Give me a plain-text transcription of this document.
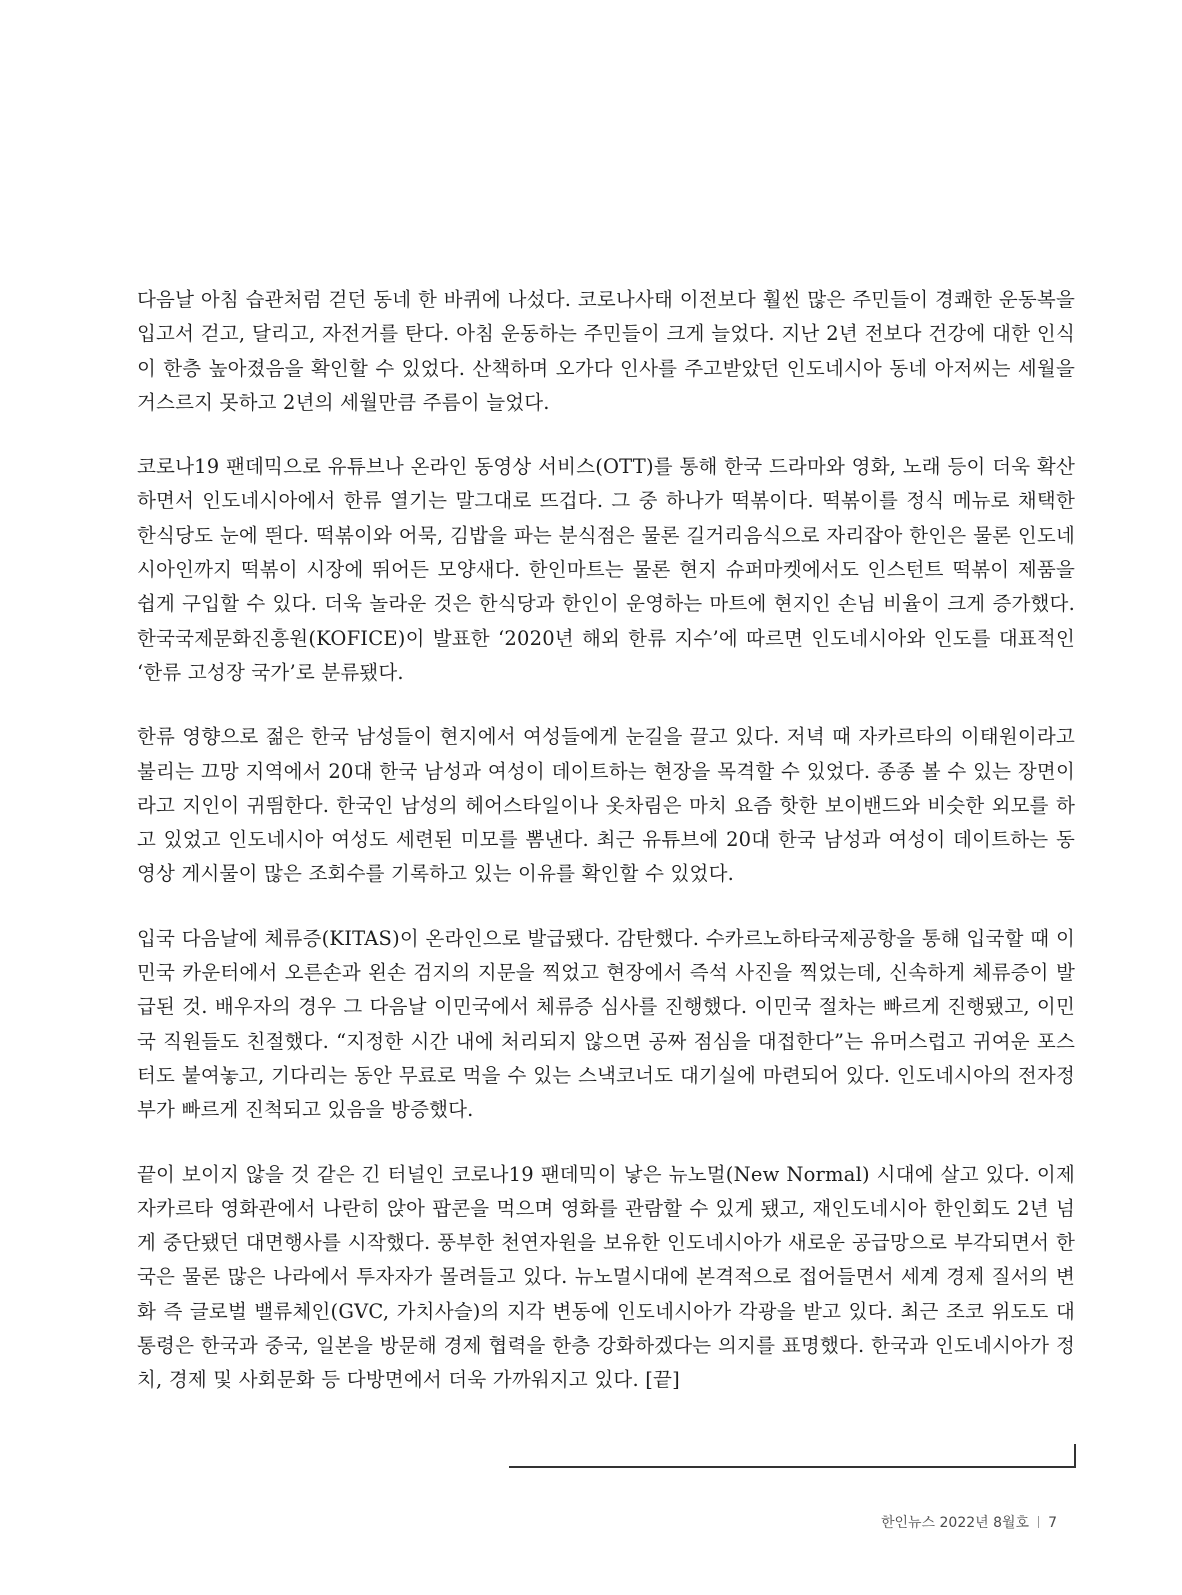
다음날 아침 습관처럼 걷던 동네 한 바퀴에 나섰다. 코로나사태 이전보다 훨씬 많은 주민들이 경쾌한 운동복을 입고서 걷고, 달리고, 자전거를 탄다. 아침 운동하는 주민들이 크게 늘었다. 지난 2년 전보다 건강에 대한 인식이 한층 높아졌음을 확인할 수 있었다. 산책하며 오가다 인사를 주고받았던 인도네시아 동네 아저씨는 세월을 거스르지 못하고 2년의 세월만큼 주름이 늘었다.

코로나19 팬데믹으로 유튜브나 온라인 동영상 서비스(OTT)를 통해 한국 드라마와 영화, 노래 등이 더욱 확산하면서 인도네시아에서 한류 열기는 말그대로 뜨겁다. 그 중 하나가 떡볶이다. 떡볶이를 정식 메뉴로 채택한 한식당도 눈에 띈다. 떡볶이와 어묵, 김밥을 파는 분식점은 물론 길거리음식으로 자리잡아 한인은 물론 인도네시아인까지 떡볶이 시장에 뛰어든 모양새다. 한인마트는 물론 현지 슈퍼마켓에서도 인스턴트 떡볶이 제품을 쉽게 구입할 수 있다. 더욱 놀라운 것은 한식당과 한인이 운영하는 마트에 현지인 손님 비율이 크게 증가했다. 한국국제문화진흥원(KOFICE)이 발표한 ‘2020년 해외 한류 지수’에 따르면 인도네시아와 인도를 대표적인 ‘한류 고성장 국가’로 분류됐다.

한류 영향으로 젊은 한국 남성들이 현지에서 여성들에게 눈길을 끌고 있다. 저녁 때 자카르타의 이태원이라고 불리는 끄망 지역에서 20대 한국 남성과 여성이 데이트하는 현장을 목격할 수 있었다. 종종 볼 수 있는 장면이라고 지인이 귀띔한다. 한국인 남성의 헤어스타일이나 옷차림은 마치 요즘 핫한 보이밴드와 비슷한 외모를 하고 있었고 인도네시아 여성도 세련된 미모를 뽐낸다. 최근 유튜브에 20대 한국 남성과 여성이 데이트하는 동영상 게시물이 많은 조회수를 기록하고 있는 이유를 확인할 수 있었다.

입국 다음날에 체류증(KITAS)이 온라인으로 발급됐다. 감탄했다. 수카르노하타국제공항을 통해 입국할 때 이민국 카운터에서 오른손과 왼손 검지의 지문을 찍었고 현장에서 즉석 사진을 찍었는데, 신속하게 체류증이 발급된 것. 배우자의 경우 그 다음날 이민국에서 체류증 심사를 진행했다. 이민국 절차는 빠르게 진행됐고, 이민국 직원들도 친절했다. “지정한 시간 내에 처리되지 않으면 공짜 점심을 대접한다”는 유머스럽고 귀여운 포스터도 붙여놓고, 기다리는 동안 무료로 먹을 수 있는 스낵코너도 대기실에 마련되어 있다. 인도네시아의 전자정부가 빠르게 진척되고 있음을 방증했다.

끝이 보이지 않을 것 같은 긴 터널인 코로나19 팬데믹이 낳은 뉴노멀(New Normal) 시대에 살고 있다. 이제 자카르타 영화관에서 나란히 앉아 팝콘을 먹으며 영화를 관람할 수 있게 됐고, 재인도네시아 한인회도 2년 넘게 중단됐던 대면행사를 시작했다. 풍부한 천연자원을 보유한 인도네시아가 새로운 공급망으로 부각되면서 한국은 물론 많은 나라에서 투자자가 몰려들고 있다. 뉴노멀시대에 본격적으로 접어들면서 세계 경제 질서의 변화 즉 글로벌 밸류체인(GVC, 가치사슬)의 지각 변동에 인도네시아가 각광을 받고 있다. 최근 조코 위도도 대통령은 한국과 중국, 일본을 방문해 경제 협력을 한층 강화하겠다는 의지를 표명했다. 한국과 인도네시아가 정치, 경제 및 사회문화 등 다방면에서 더욱 가까워지고 있다. [끝]

한인뉴스 2022년 8월호 7
